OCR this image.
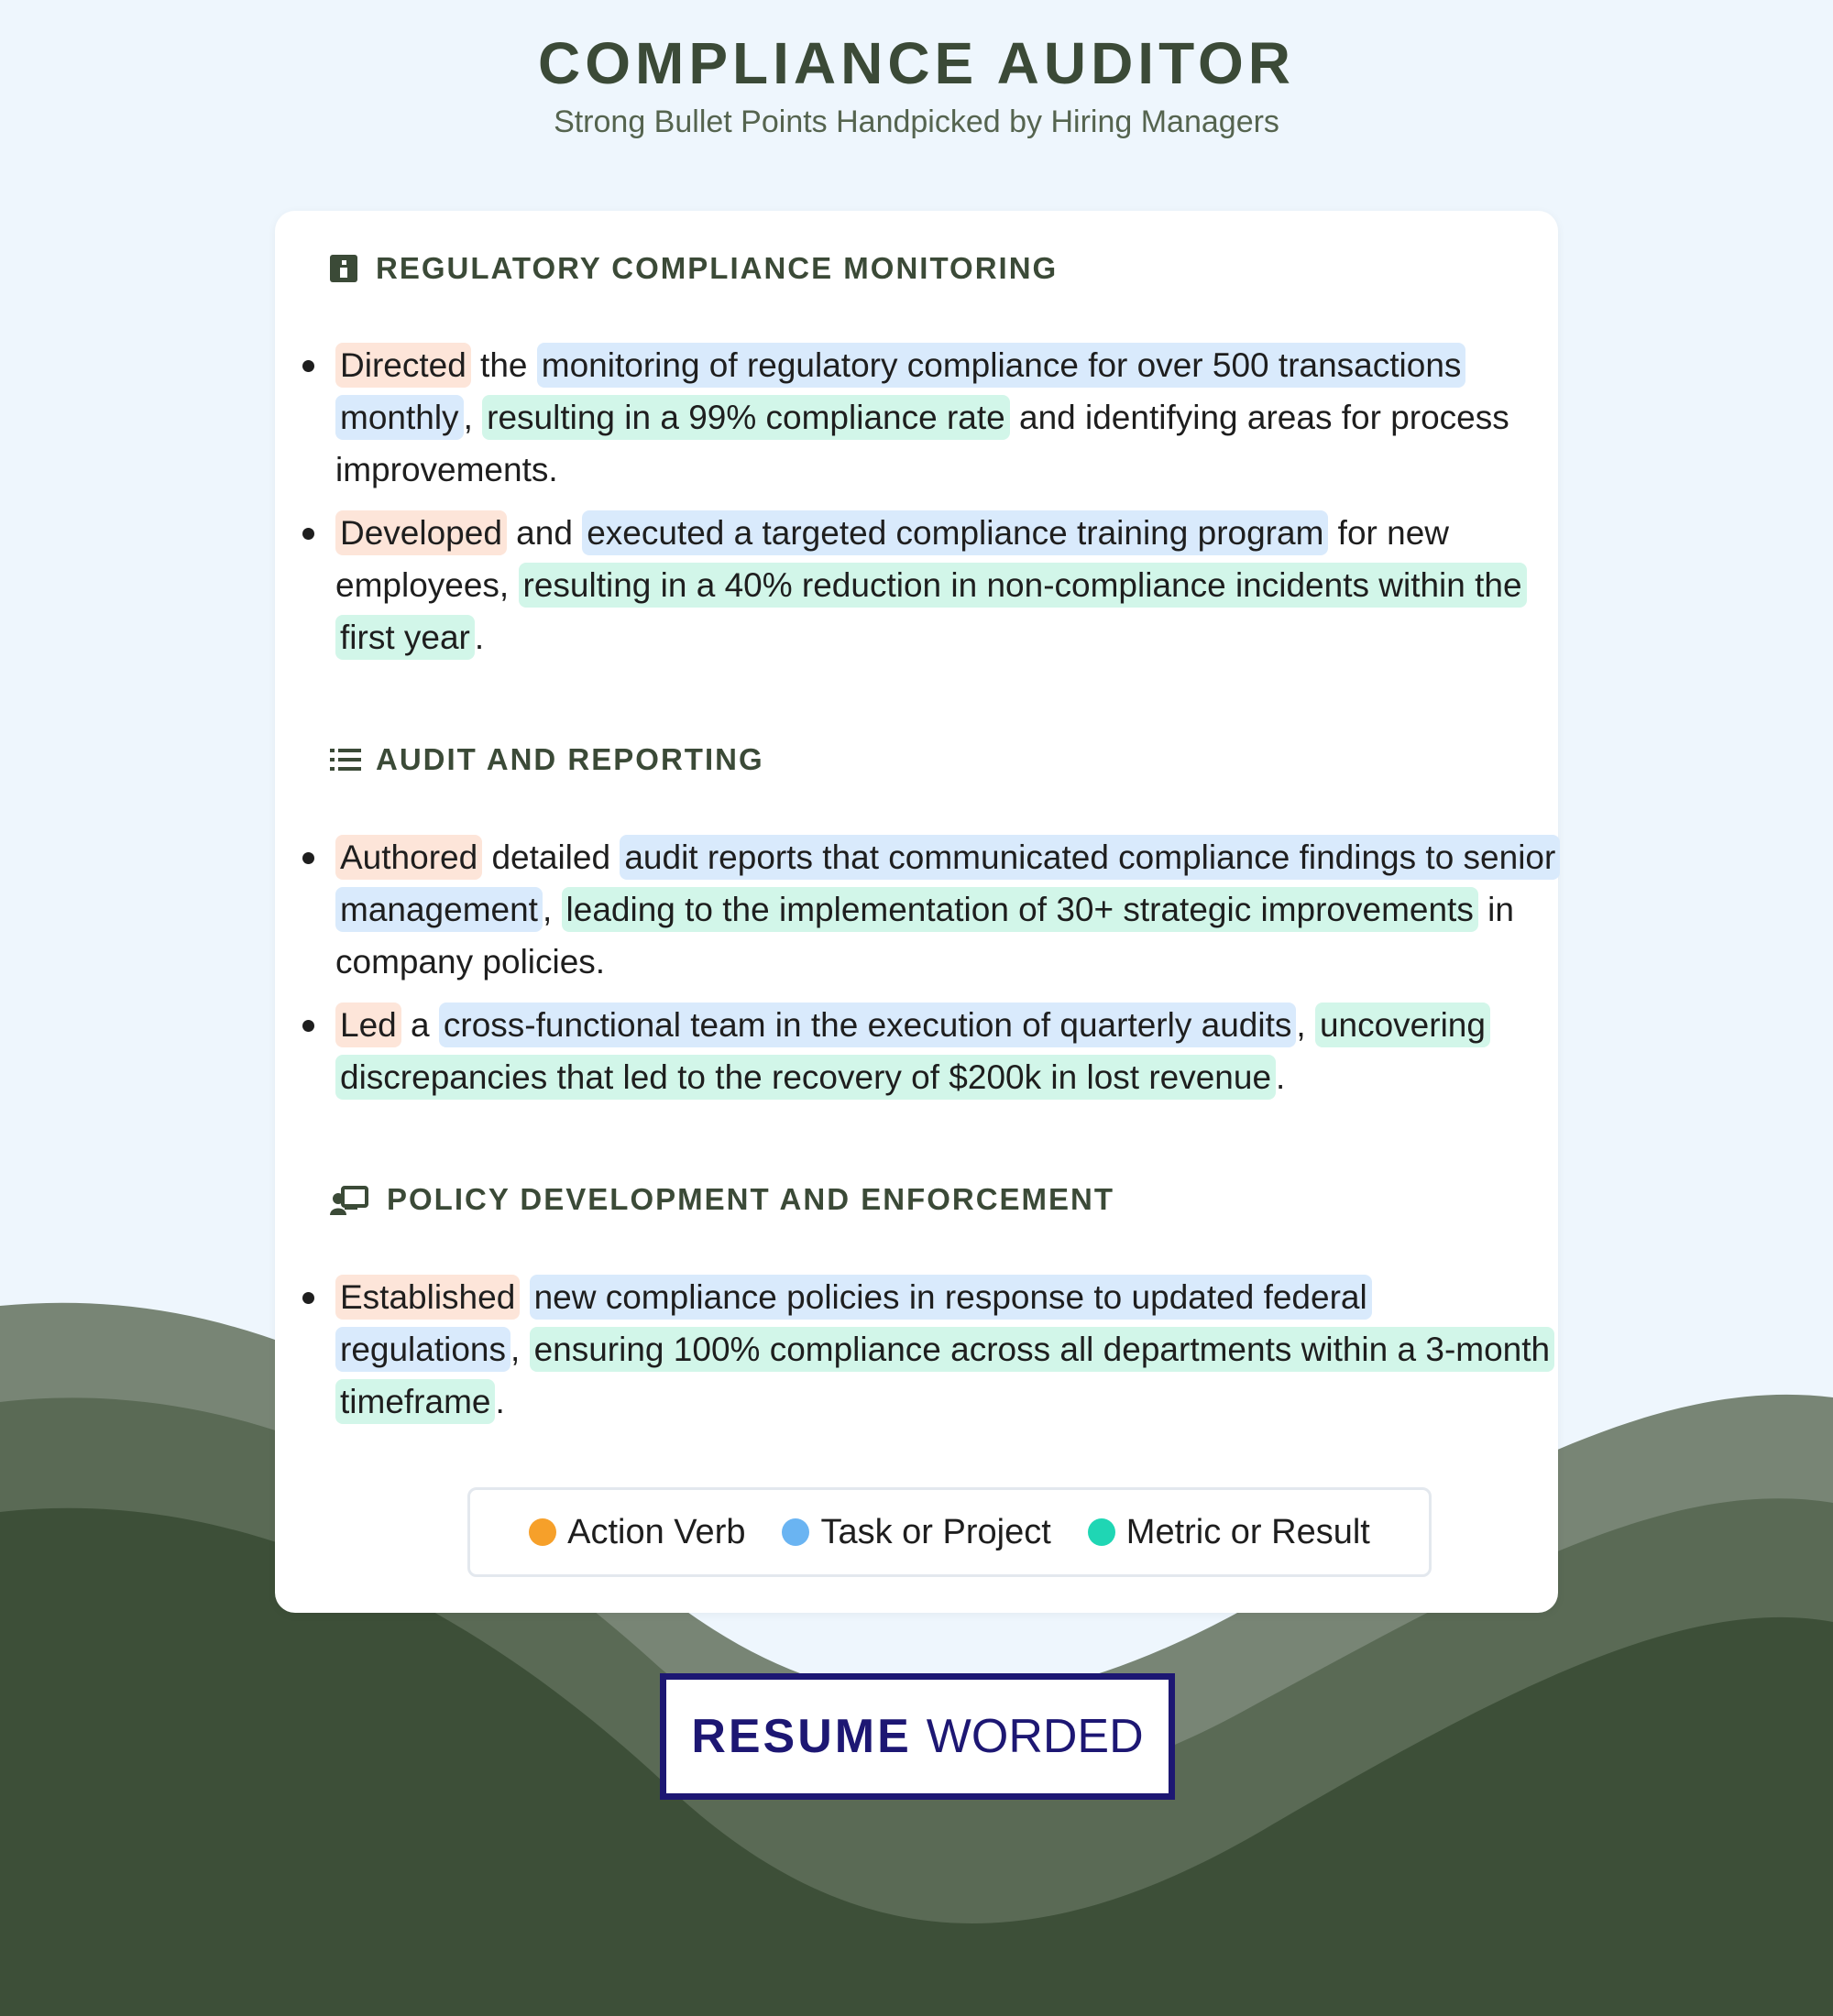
COMPLIANCE AUDITOR
Strong Bullet Points Handpicked by Hiring Managers
REGULATORY COMPLIANCE MONITORING
Directed the monitoring of regulatory compliance for over 500 transactions monthly , resulting in a 99% compliance rate and identifying areas for process improvements.
Developed and executed a targeted compliance training program for new employees, resulting in a 40% reduction in non-compliance incidents within the first year .
AUDIT AND REPORTING
Authored detailed audit reports that communicated compliance findings to senior management , leading to the implementation of 30+ strategic improvements in company policies.
Led a cross-functional team in the execution of quarterly audits , uncovering discrepancies that led to the recovery of $200k in lost revenue .
POLICY DEVELOPMENT AND ENFORCEMENT
Established new compliance policies in response to updated federal regulations , ensuring 100% compliance across all departments within a 3-month timeframe .
Action Verb Task or Project Metric or Result
RESUME WORDED
